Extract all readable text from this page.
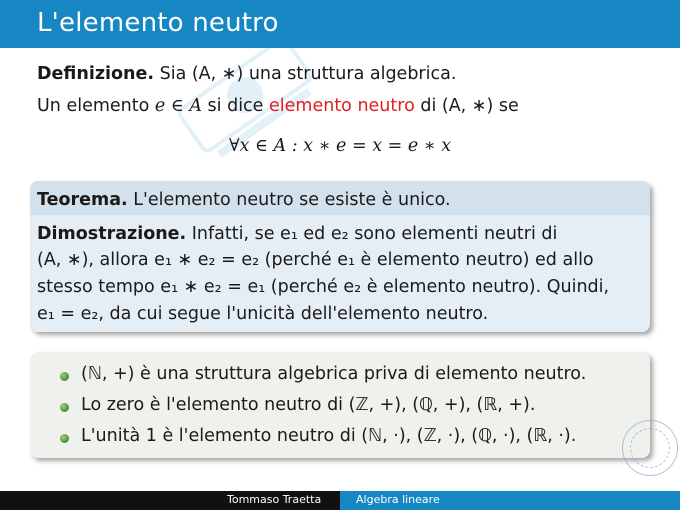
L'elemento neutro
Definizione. Sia (A, ∗) una struttura algebrica.
Un elemento e ∈ A si dice elemento neutro di (A, ∗) se
∀x ∈ A : x ∗ e = x = e ∗ x
Teorema. L'elemento neutro se esiste è unico.
Dimostrazione. Infatti, se e₁ ed e₂ sono elementi neutri di
(A, ∗), allora e₁ ∗ e₂ = e₂ (perché e₁ è elemento neutro) ed allo
stesso tempo e₁ ∗ e₂ = e₁ (perché e₂ è elemento neutro). Quindi,
e₁ = e₂, da cui segue l'unicità dell'elemento neutro.
(ℕ, +) è una struttura algebrica priva di elemento neutro.
Lo zero è l'elemento neutro di (ℤ, +), (ℚ, +), (ℝ, +).
L'unità 1 è l'elemento neutro di (ℕ, ·), (ℤ, ·), (ℚ, ·), (ℝ, ·).
Tommaso Traetta	Algebra lineare
